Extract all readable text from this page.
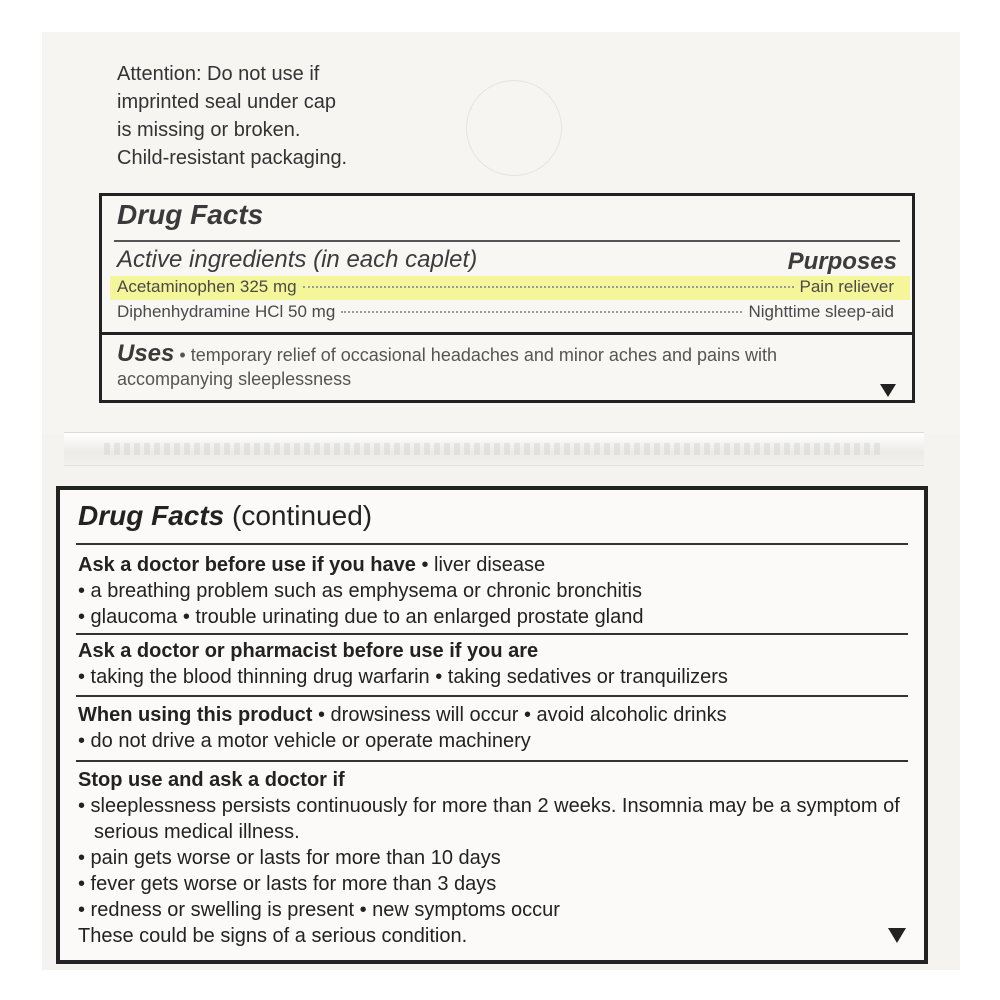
Attention: Do not use if
imprinted seal under cap
is missing or broken.
Child-resistant packaging.
Drug Facts
Active ingredients (in each caplet)	Purposes
Acetaminophen 325 mg	Pain reliever
Diphenhydramine HCl 50 mg	Nighttime sleep-aid
Uses • temporary relief of occasional headaches and minor aches and pains with accompanying sleeplessness
Drug Facts (continued)
Ask a doctor before use if you have • liver disease
• a breathing problem such as emphysema or chronic bronchitis
• glaucoma • trouble urinating due to an enlarged prostate gland
Ask a doctor or pharmacist before use if you are
• taking the blood thinning drug warfarin • taking sedatives or tranquilizers
When using this product • drowsiness will occur • avoid alcoholic drinks
• do not drive a motor vehicle or operate machinery
Stop use and ask a doctor if
• sleeplessness persists continuously for more than 2 weeks. Insomnia may be a symptom of
serious medical illness.
• pain gets worse or lasts for more than 10 days
• fever gets worse or lasts for more than 3 days
• redness or swelling is present • new symptoms occur
These could be signs of a serious condition.
